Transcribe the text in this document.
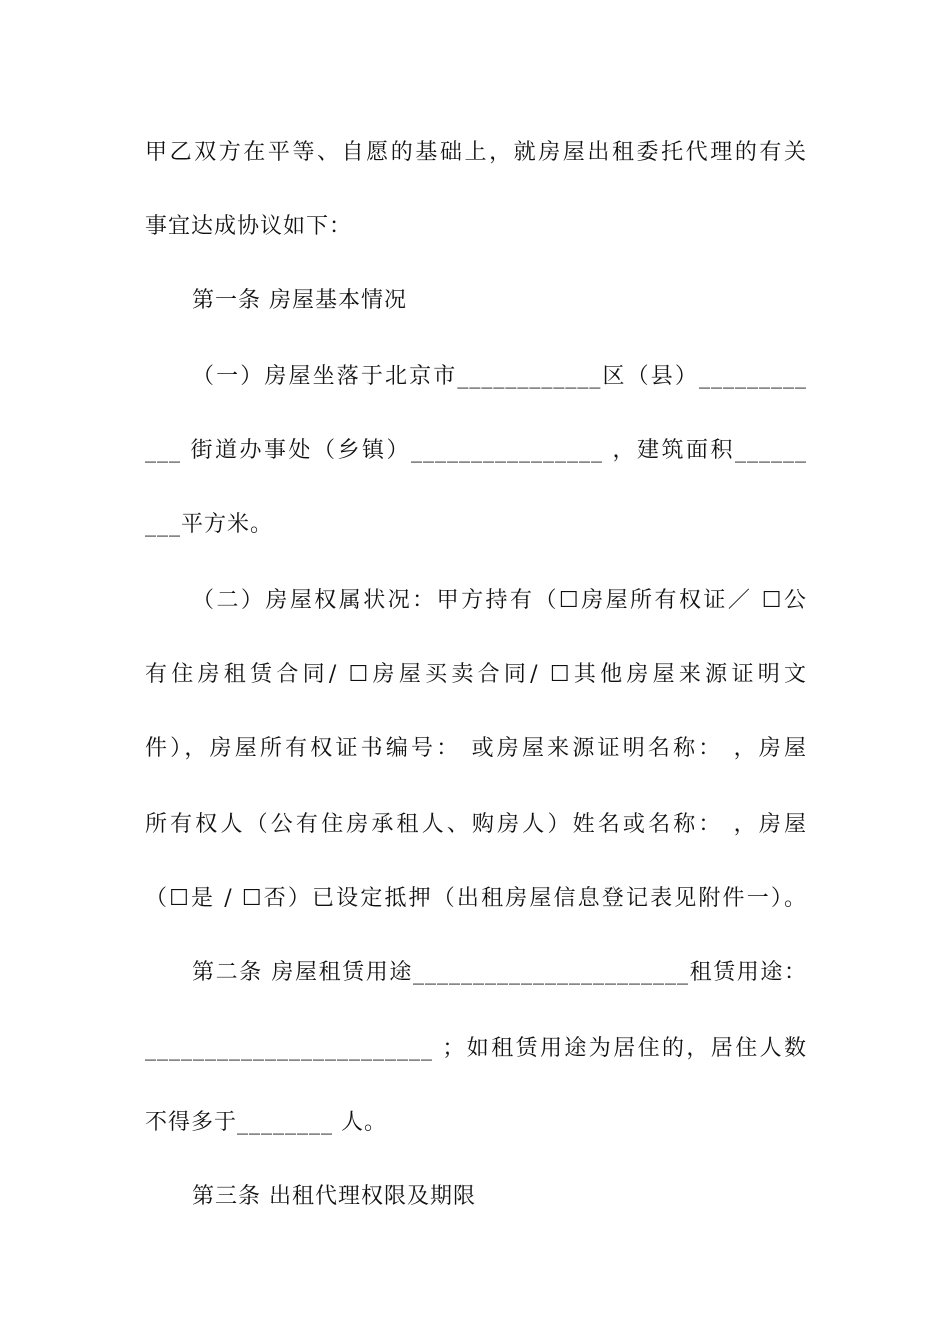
甲乙双方在平等、自愿的基础上，就房屋出租委托代理的有关
事宜达成协议如下：
第一条 房屋基本情况
（一）房屋坐落于北京市____________区（县）_________
___ 街道办事处（乡镇）________________ ，建筑面积______
___平方米。
（二）房屋权属状况：甲方持有（☐房屋所有权证／ ☐公
有住房租赁合同/ ☐房屋买卖合同/ ☐其他房屋来源证明文
件），房屋所有权证书编号： 或房屋来源证明名称： ，房屋
所有权人（公有住房承租人、购房人）姓名或名称： ，房屋
（☐是 / ☐否）已设定抵押（出租房屋信息登记表见附件一）。
第二条 房屋租赁用途_______________________租赁用途：
________________________ ；如租赁用途为居住的，居住人数
不得多于________ 人。
第三条 出租代理权限及期限
